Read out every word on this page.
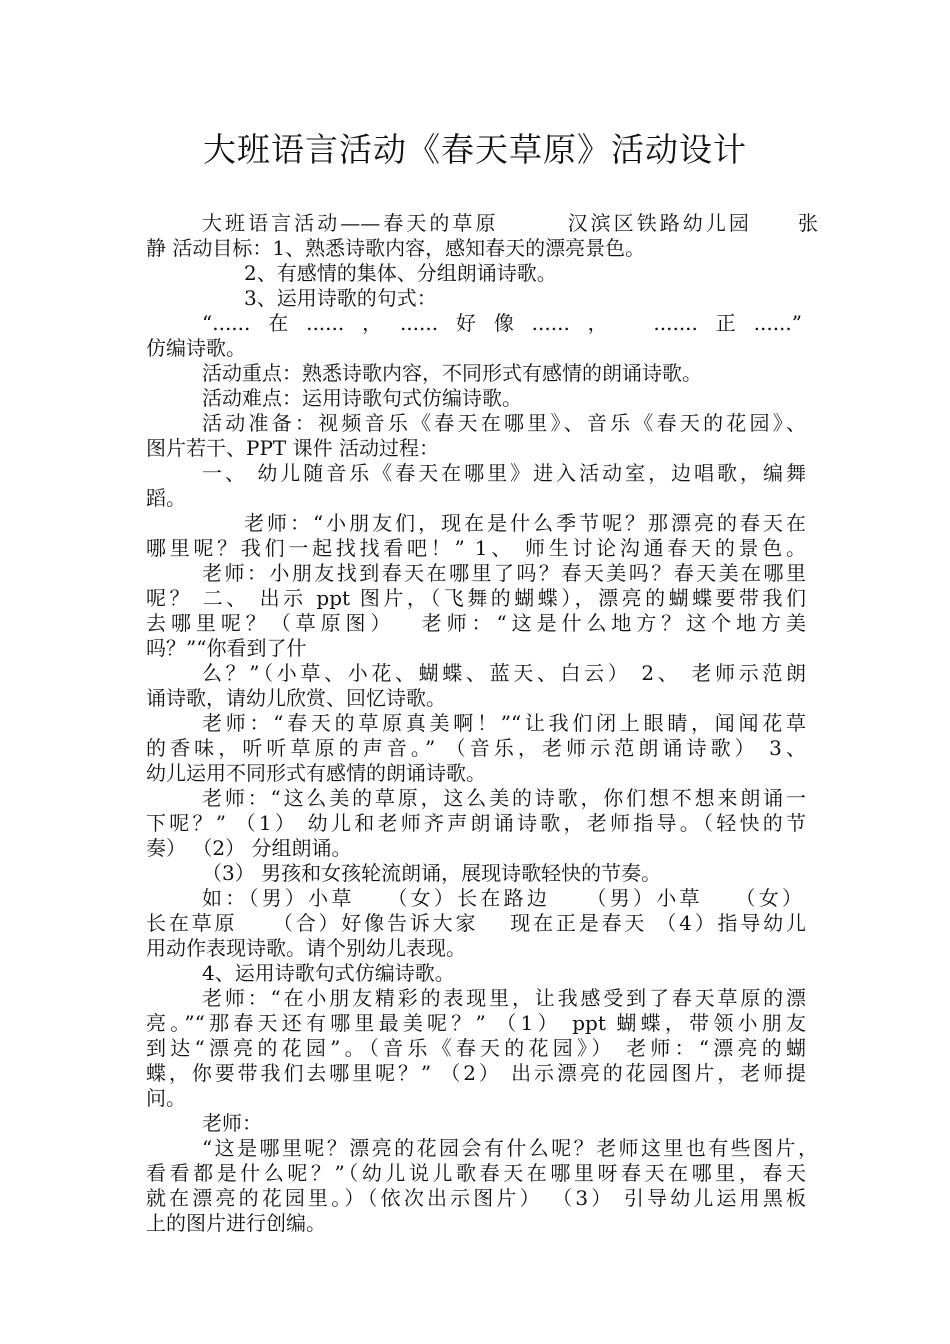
大班语言活动《春天草原》活动设计
大班语言活动——春天的草原　　　汉滨区铁路幼儿园　　张
静 活动目标：1、熟悉诗歌内容，感知春天的漂亮景色。
2、有感情的集体、分组朗诵诗歌。
3、运用诗歌的句式：
“......在......，......好像......，　.......正......”
仿编诗歌。
活动重点：熟悉诗歌内容，不同形式有感情的朗诵诗歌。
活动难点：运用诗歌句式仿编诗歌。
活动准备：视频音乐《春天在哪里》、音乐《春天的花园》、
图片若干、PPT 课件 活动过程：
一、 幼儿随音乐《春天在哪里》进入活动室，边唱歌，编舞
蹈。
老师：“小朋友们，现在是什么季节呢？那漂亮的春天在
哪里呢？我们一起找找看吧！” 1、 师生讨论沟通春天的景色。
老师：小朋友找到春天在哪里了吗？春天美吗？春天美在哪里
呢？ 二、 出示 ppt 图片，（飞舞的蝴蝶），漂亮的蝴蝶要带我们
去哪里呢？（草原图）　 老师：“这是什么地方？这个地方美
吗？”“你看到了什
么？”（小草、小花、蝴蝶、蓝天、白云） 2、 老师示范朗
诵诗歌，请幼儿欣赏、回忆诗歌。
老师：“春天的草原真美啊！”“让我们闭上眼睛，闻闻花草
的香味，听听草原的声音。” （音乐，老师示范朗诵诗歌） 3、
幼儿运用不同形式有感情的朗诵诗歌。
老师：“这么美的草原，这么美的诗歌，你们想不想来朗诵一
下呢？” （1） 幼儿和老师齐声朗诵诗歌，老师指导。（轻快的节
奏） （2） 分组朗诵。
（3） 男孩和女孩轮流朗诵，展现诗歌轻快的节奏。
如：（男）小草　 （女）长在路边　　（男）小草　 （女）
长在草原　　（合）好像告诉大家　 现在正是春天 （4）指导幼儿
用动作表现诗歌。请个别幼儿表现。
4、运用诗歌句式仿编诗歌。
老师：“在小朋友精彩的表现里，让我感受到了春天草原的漂
亮。”“那春天还有哪里最美呢？” （1） ppt 蝴蝶，带领小朋友
到达“漂亮的花园”。（音乐《春天的花园》） 老师：“漂亮的蝴
蝶，你要带我们去哪里呢？” （2） 出示漂亮的花园图片，老师提
问。
老师：
“这是哪里呢？漂亮的花园会有什么呢？老师这里也有些图片，
看看都是什么呢？”（幼儿说儿歌春天在哪里呀春天在哪里，春天
就在漂亮的花园里。）（依次出示图片） （3） 引导幼儿运用黑板
上的图片进行创编。
